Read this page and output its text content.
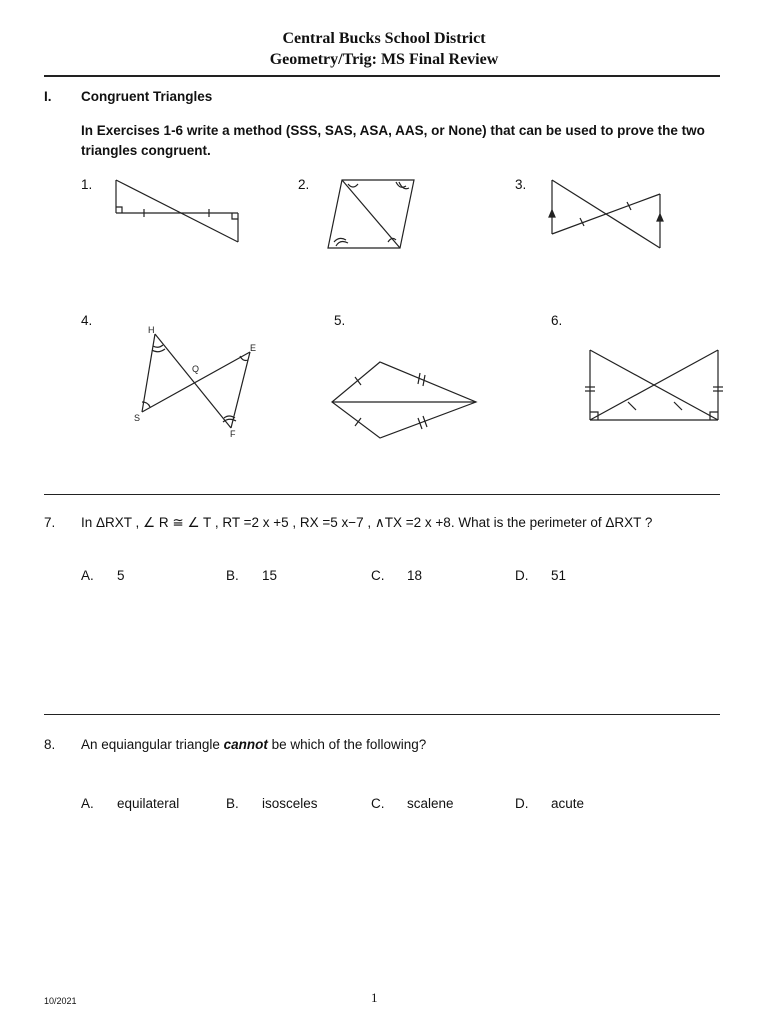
Central Bucks School District
Geometry/Trig: MS Final Review
I. Congruent Triangles
In Exercises 1-6 write a method (SSS, SAS, ASA, AAS, or None) that can be used to prove the two
triangles congruent.
1.	2.	3.
4.	5.	6.
H
E
Q
S
F
7. In ΔRXT , ∠ R ≅ ∠ T , RT =2 x +5 , RX =5 x−7 , ∧TX =2 x +8. What is the perimeter of ΔRXT ?
A. 5	B. 15	C. 18	D. 51
8. An equiangular triangle cannot be which of the following?
A. equilateral	B. isosceles	C. scalene	D. acute
10/2021	1
